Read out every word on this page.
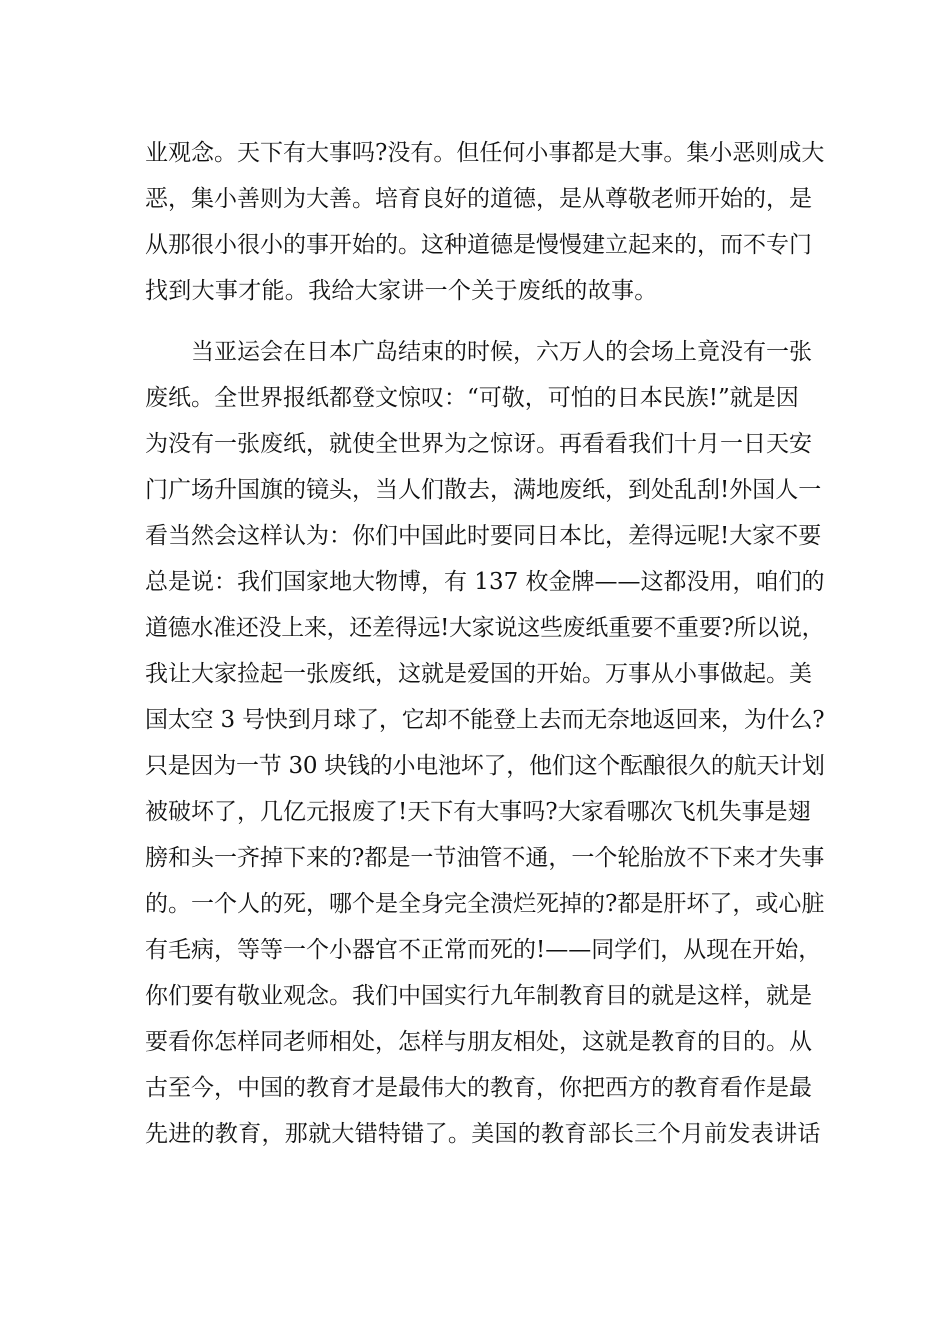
业观念。天下有大事吗?没有。但任何小事都是大事。集小恶则成大
恶，集小善则为大善。培育良好的道德，是从尊敬老师开始的，是
从那很小很小的事开始的。这种道德是慢慢建立起来的，而不专门
找到大事才能。我给大家讲一个关于废纸的故事。
当亚运会在日本广岛结束的时候，六万人的会场上竟没有一张
废纸。全世界报纸都登文惊叹：“可敬，可怕的日本民族!”就是因
为没有一张废纸，就使全世界为之惊讶。再看看我们十月一日天安
门广场升国旗的镜头，当人们散去，满地废纸，到处乱刮!外国人一
看当然会这样认为：你们中国此时要同日本比，差得远呢!大家不要
总是说：我们国家地大物博，有 137 枚金牌——这都没用，咱们的
道德水准还没上来，还差得远!大家说这些废纸重要不重要?所以说，
我让大家捡起一张废纸，这就是爱国的开始。万事从小事做起。美
国太空 3 号快到月球了，它却不能登上去而无奈地返回来，为什么?
只是因为一节 30 块钱的小电池坏了，他们这个酝酿很久的航天计划
被破坏了，几亿元报废了!天下有大事吗?大家看哪次飞机失事是翅
膀和头一齐掉下来的?都是一节油管不通，一个轮胎放不下来才失事
的。一个人的死，哪个是全身完全溃烂死掉的?都是肝坏了，或心脏
有毛病，等等一个小器官不正常而死的!——同学们，从现在开始，
你们要有敬业观念。我们中国实行九年制教育目的就是这样，就是
要看你怎样同老师相处，怎样与朋友相处，这就是教育的目的。从
古至今，中国的教育才是最伟大的教育，你把西方的教育看作是最
先进的教育，那就大错特错了。美国的教育部长三个月前发表讲话
